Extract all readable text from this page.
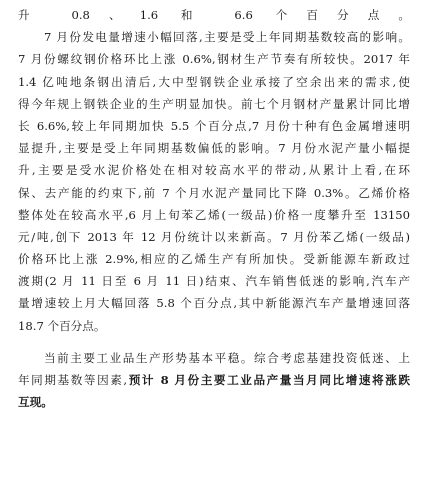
升 0.8、1.6 和 6.6 个百分点。
7 月份发电量增速小幅回落,主要是受上年同期基数较高的影响。
7 月份螺纹钢价格环比上涨 0.6%,钢材生产节奏有所较快。2017 年
1.4 亿吨地条钢出清后,大中型钢铁企业承接了空余出来的需求,使
得今年规上钢铁企业的生产明显加快。前七个月钢材产量累计同比增
长 6.6%,较上年同期加快 5.5 个百分点,7 月份十种有色金属增速明
显提升,主要是受上年同期基数偏低的影响。7 月份水泥产量小幅提
升,主要是受水泥价格处在相对较高水平的带动,从累计上看,在环
保、去产能的约束下,前 7 个月水泥产量同比下降 0.3%。乙烯价格
整体处在较高水平,6 月上旬苯乙烯(一级品)价格一度攀升至 13150
元/吨,创下 2013 年 12 月份统计以来新高。7 月份苯乙烯(一级品)
价格环比上涨 2.9%,相应的乙烯生产有所加快。受新能源车新政过
渡期(2 月 11 日至 6 月 11 日)结束、汽车销售低迷的影响,汽车产
量增速较上月大幅回落 5.8 个百分点,其中新能源汽车产量增速回落
18.7 个百分点。
当前主要工业品生产形势基本平稳。综合考虑基建投资低迷、上
年同期基数等因素,预计 8 月份主要工业品产量当月同比增速将涨跌
互现。
